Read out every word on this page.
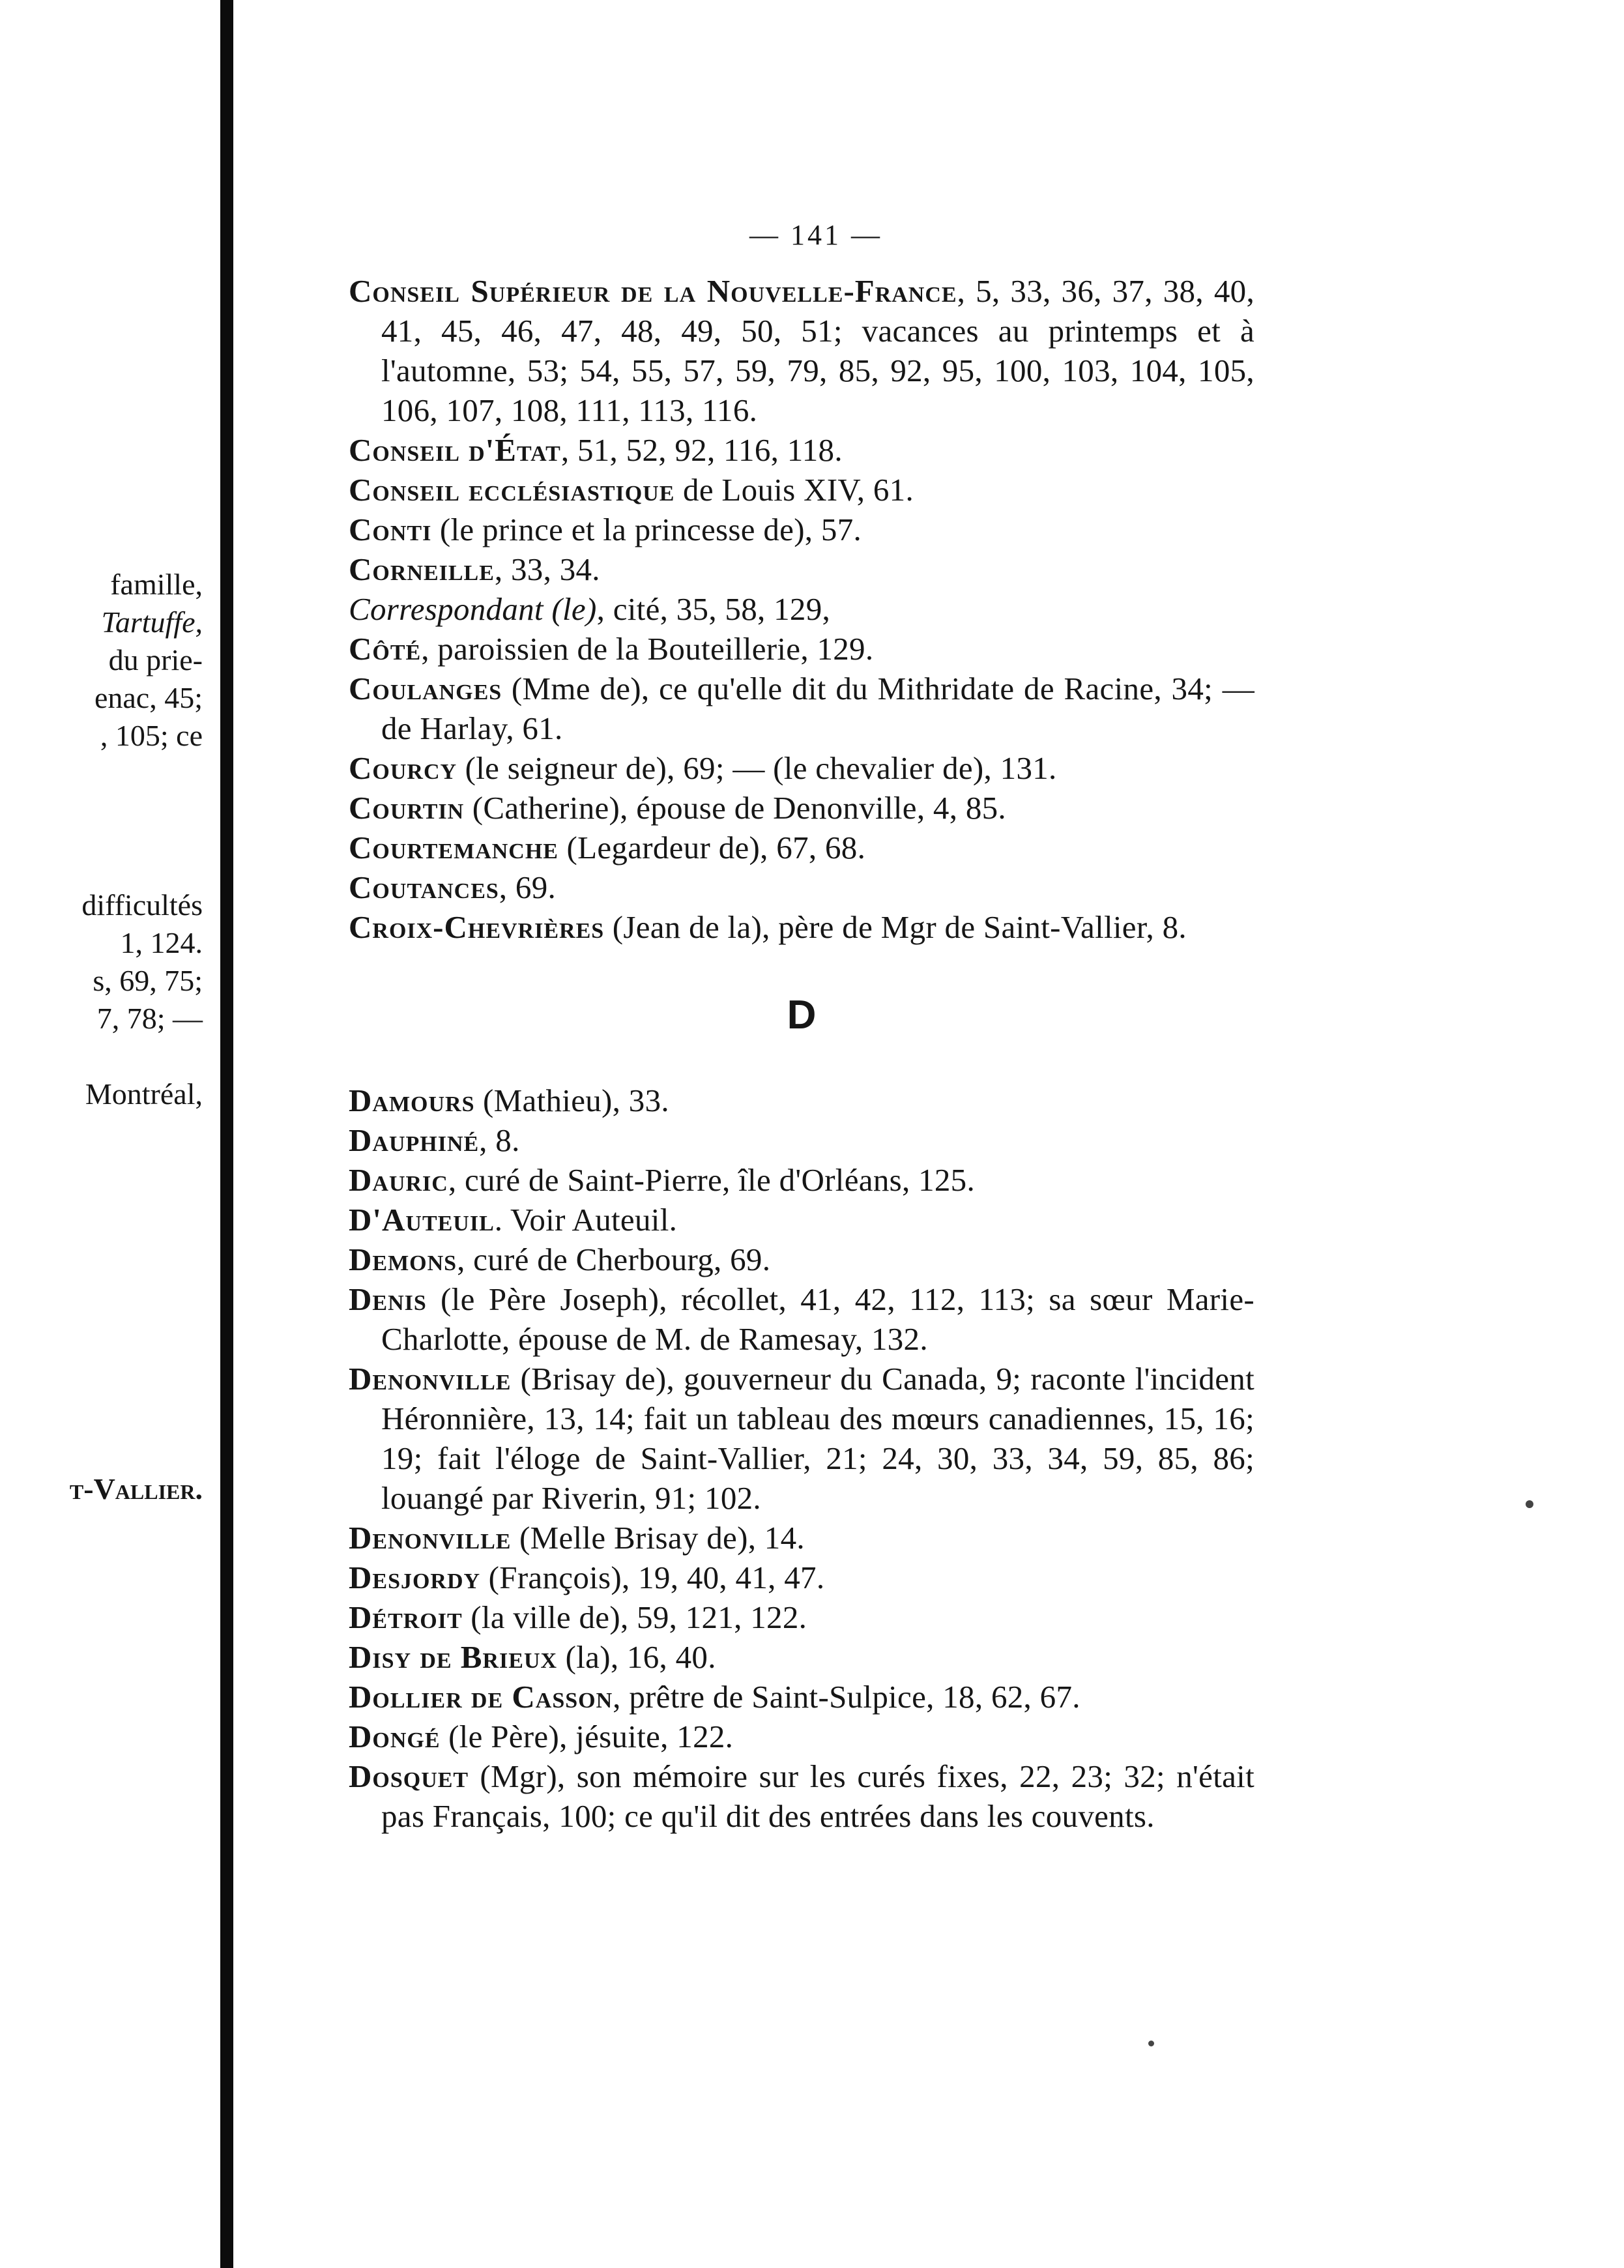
famille,
Tartuffe,
du prie-
enac, 45;
, 105; ce
difficultés
1, 124.
s, 69, 75;
7, 78; —
Montréal,
t-Vallier.
— 141 —
Conseil Supérieur de la Nouvelle-France, 5, 33, 36, 37, 38, 40, 41, 45, 46, 47, 48, 49, 50, 51; vacances au printemps et à l'automne, 53; 54, 55, 57, 59, 79, 85, 92, 95, 100, 103, 104, 105, 106, 107, 108, 111, 113, 116.
Conseil d'État, 51, 52, 92, 116, 118.
Conseil ecclésiastique de Louis XIV, 61.
Conti (le prince et la princesse de), 57.
Corneille, 33, 34.
Correspondant (le), cité, 35, 58, 129,
Côté, paroissien de la Bouteillerie, 129.
Coulanges (Mme de), ce qu'elle dit du Mithridate de Racine, 34; — de Harlay, 61.
Courcy (le seigneur de), 69; — (le chevalier de), 131.
Courtin (Catherine), épouse de Denonville, 4, 85.
Courtemanche (Legardeur de), 67, 68.
Coutances, 69.
Croix-Chevrières (Jean de la), père de Mgr de Saint-Vallier, 8.
D
Damours (Mathieu), 33.
Dauphiné, 8.
Dauric, curé de Saint-Pierre, île d'Orléans, 125.
D'Auteuil. Voir Auteuil.
Demons, curé de Cherbourg, 69.
Denis (le Père Joseph), récollet, 41, 42, 112, 113; sa sœur Marie-Charlotte, épouse de M. de Ramesay, 132.
Denonville (Brisay de), gouverneur du Canada, 9; raconte l'incident Héronnière, 13, 14; fait un tableau des mœurs canadiennes, 15, 16; 19; fait l'éloge de Saint-Vallier, 21; 24, 30, 33, 34, 59, 85, 86; louangé par Riverin, 91; 102.
Denonville (Melle Brisay de), 14.
Desjordy (François), 19, 40, 41, 47.
Détroit (la ville de), 59, 121, 122.
Disy de Brieux (la), 16, 40.
Dollier de Casson, prêtre de Saint-Sulpice, 18, 62, 67.
Dongé (le Père), jésuite, 122.
Dosquet (Mgr), son mémoire sur les curés fixes, 22, 23; 32; n'était pas Français, 100; ce qu'il dit des entrées dans les couvents.
